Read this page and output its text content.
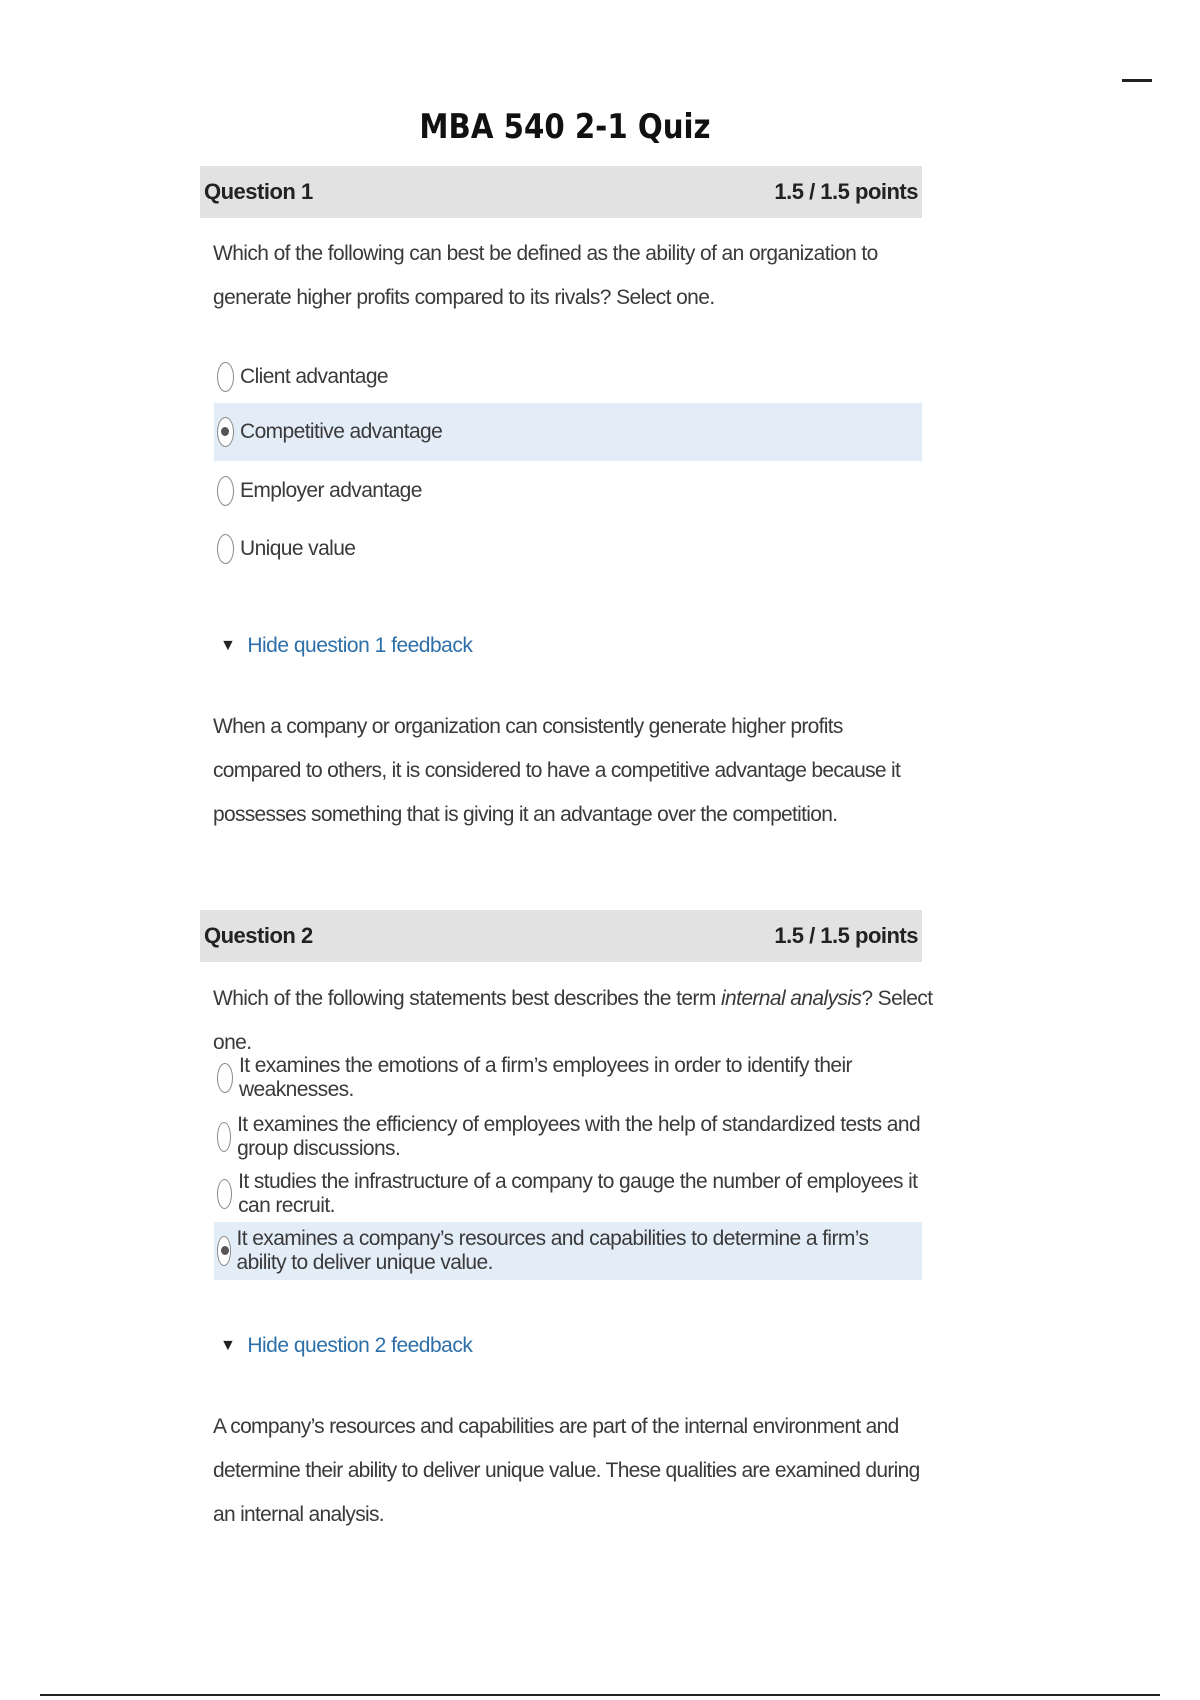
MBA 540 2-1 Quiz
Question 1	1.5 / 1.5 points
Which of the following can best be defined as the ability of an organization to generate higher profits compared to its rivals? Select one.
Client advantage
Competitive advantage
Employer advantage
Unique value
▼ Hide question 1 feedback
When a company or organization can consistently generate higher profits compared to others, it is considered to have a competitive advantage because it possesses something that is giving it an advantage over the competition.
Question 2	1.5 / 1.5 points
Which of the following statements best describes the term internal analysis? Select one.
It examines the emotions of a firm’s employees in order to identify their weaknesses.
It examines the efficiency of employees with the help of standardized tests and group discussions.
It studies the infrastructure of a company to gauge the number of employees it can recruit.
It examines a company’s resources and capabilities to determine a firm’s ability to deliver unique value.
▼ Hide question 2 feedback
A company’s resources and capabilities are part of the internal environment and determine their ability to deliver unique value. These qualities are examined during an internal analysis.
